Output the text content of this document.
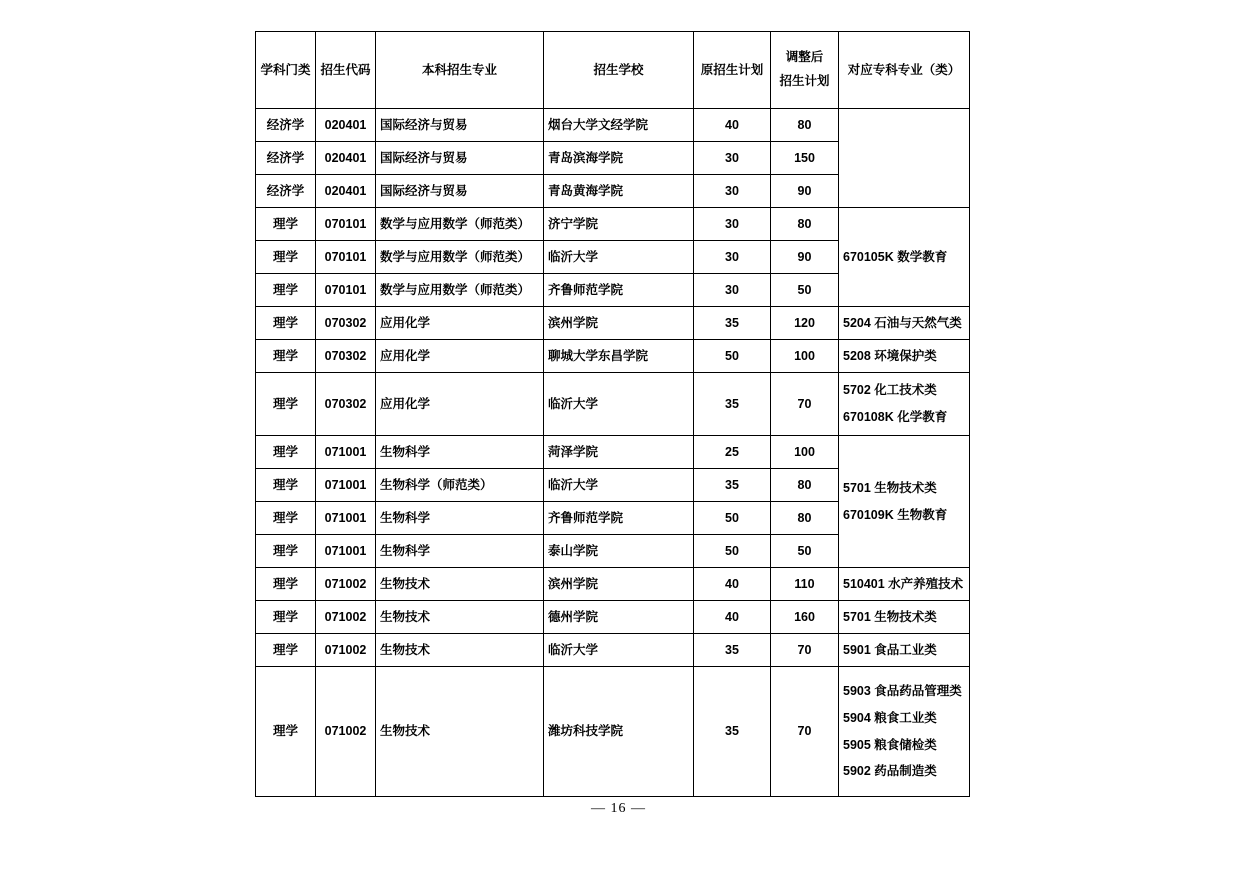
学科门类	招生代码	本科招生专业	招生学校	原招生计划	调整后
招生计划	对应专科专业（类）
经济学	020401	国际经济与贸易	烟台大学文经学院	40	80	
经济学	020401	国际经济与贸易	青岛滨海学院	30	150	
经济学	020401	国际经济与贸易	青岛黄海学院	30	90	
理学	070101	数学与应用数学（师范类）	济宁学院	30	80	670105K 数学教育

理学	070101	数学与应用数学（师范类）	临沂大学	30	90	
理学	070101	数学与应用数学（师范类）	齐鲁师范学院	30	50	
理学	070302	应用化学	滨州学院	35	120	5204 石油与天然气类
理学	070302	应用化学	聊城大学东昌学院	50	100	5208 环境保护类
理学	070302	应用化学	临沂大学	35	70	5702 化工技术类
670108K 化学教育

理学	071001	生物科学	菏泽学院	25	100	5701 生物技术类
670109K 生物教育

理学	071001	生物科学（师范类）	临沂大学	35	80	
理学	071001	生物科学	齐鲁师范学院	50	80	
理学	071001	生物科学	泰山学院	50	50	
理学	071002	生物技术	滨州学院	40	110	510401 水产养殖技术
理学	071002	生物技术	德州学院	40	160	5701 生物技术类
理学	071002	生物技术	临沂大学	35	70	5901 食品工业类
理学	071002	生物技术	潍坊科技学院	35	70	5903 食品药品管理类
5904 粮食工业类
5905 粮食储检类
5902 药品制造类
— 16 —
